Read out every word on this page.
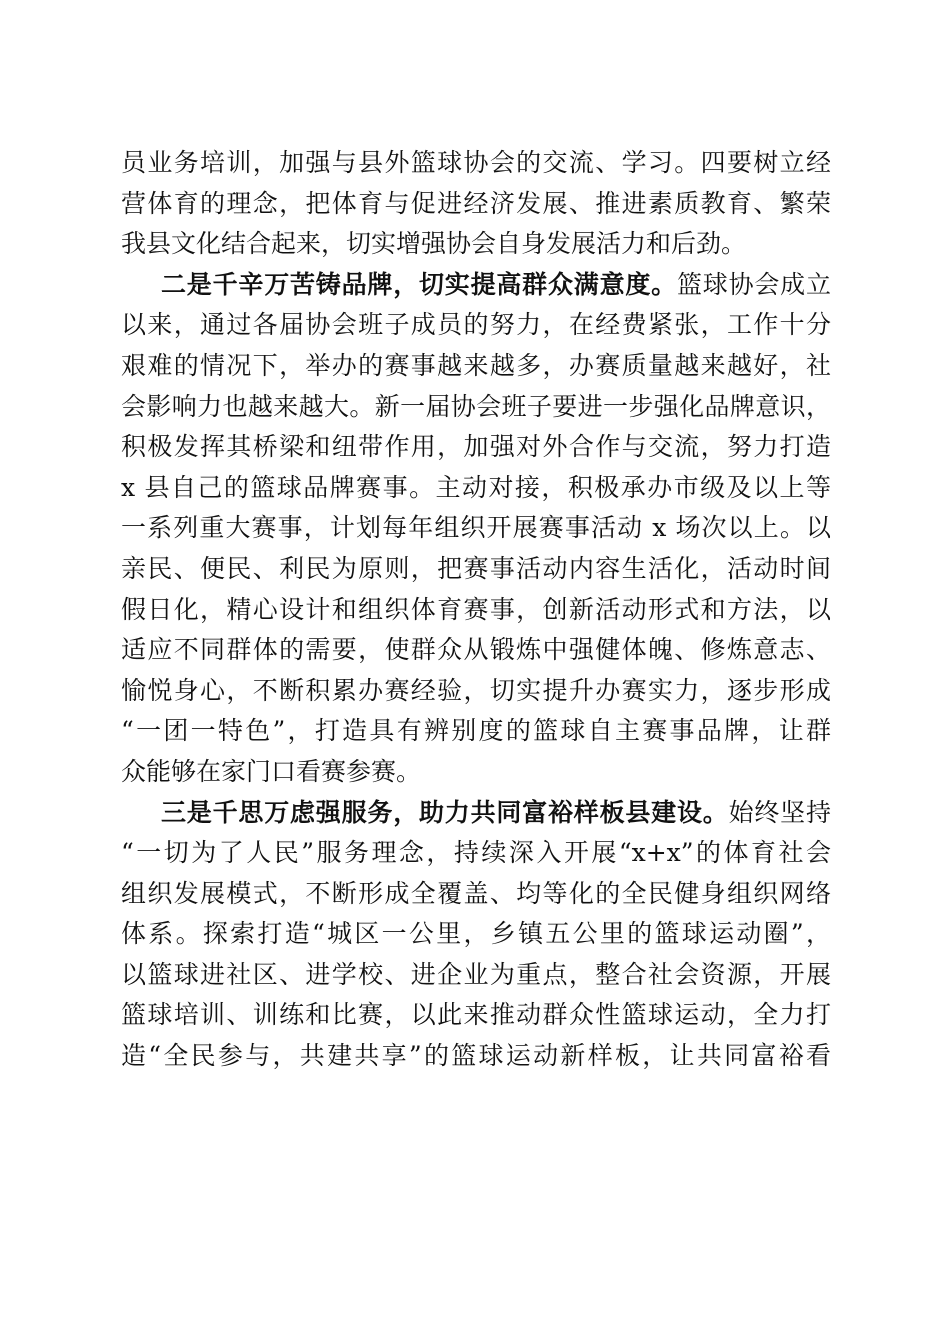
员业务培训，加强与县外篮球协会的交流、学习。四要树立经
营体育的理念，把体育与促进经济发展、推进素质教育、繁荣
我县文化结合起来，切实增强协会自身发展活力和后劲。
二是千辛万苦铸品牌，切实提高群众满意度。篮球协会成立
以来，通过各届协会班子成员的努力，在经费紧张，工作十分
艰难的情况下，举办的赛事越来越多，办赛质量越来越好，社
会影响力也越来越大。新一届协会班子要进一步强化品牌意识，
积极发挥其桥梁和纽带作用，加强对外合作与交流，努力打造
x 县自己的篮球品牌赛事。主动对接，积极承办市级及以上等
一系列重大赛事，计划每年组织开展赛事活动 x 场次以上。以
亲民、便民、利民为原则，把赛事活动内容生活化，活动时间
假日化，精心设计和组织体育赛事，创新活动形式和方法，以
适应不同群体的需要，使群众从锻炼中强健体魄、修炼意志、
愉悦身心，不断积累办赛经验，切实提升办赛实力，逐步形成
“一团一特色”，打造具有辨别度的篮球自主赛事品牌，让群
众能够在家门口看赛参赛。
三是千思万虑强服务，助力共同富裕样板县建设。始终坚持
“一切为了人民”服务理念，持续深入开展“x+x”的体育社会
组织发展模式，不断形成全覆盖、均等化的全民健身组织网络
体系。探索打造“城区一公里，乡镇五公里的篮球运动圈”，
以篮球进社区、进学校、进企业为重点，整合社会资源，开展
篮球培训、训练和比赛，以此来推动群众性篮球运动，全力打
造“全民参与，共建共享”的篮球运动新样板，让共同富裕看
